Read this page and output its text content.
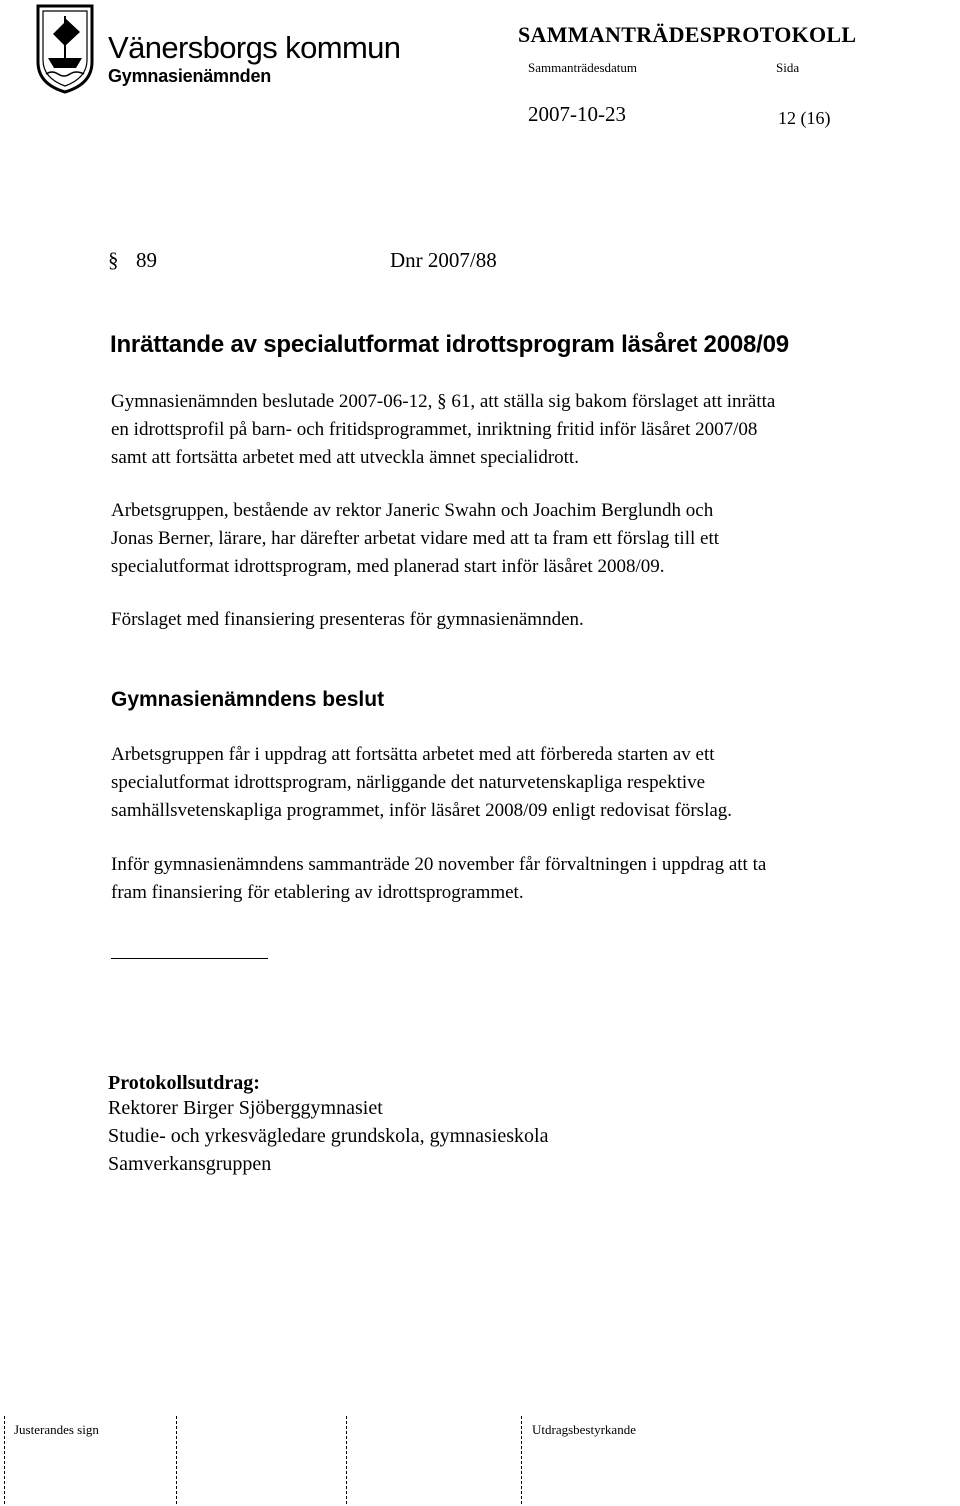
Vänersborgs kommun
Gymnasienämnden
SAMMANTRÄDESPROTOKOLL
Sammanträdesdatum	Sida
2007-10-23	12 (16)
§ 89	Dnr 2007/88
Inrättande av specialutformat idrottsprogram läsåret 2008/09
Gymnasienämnden beslutade 2007-06-12, § 61, att ställa sig bakom förslaget att inrätta
en idrottsprofil på barn- och fritidsprogrammet, inriktning fritid inför läsåret 2007/08
samt att fortsätta arbetet med att utveckla ämnet specialidrott.
Arbetsgruppen, bestående av rektor Janeric Swahn och Joachim Berglundh och
Jonas Berner, lärare, har därefter arbetat vidare med att ta fram ett förslag till ett
specialutformat idrottsprogram, med planerad start inför läsåret 2008/09.
Förslaget med finansiering presenteras för gymnasienämnden.
Gymnasienämndens beslut
Arbetsgruppen får i uppdrag att fortsätta arbetet med att förbereda starten av ett
specialutformat idrottsprogram, närliggande det naturvetenskapliga respektive
samhällsvetenskapliga programmet, inför läsåret 2008/09 enligt redovisat förslag.
Inför gymnasienämndens sammanträde 20 november får förvaltningen i uppdrag att ta
fram finansiering för etablering av idrottsprogrammet.
Protokollsutdrag:
Rektorer Birger Sjöberggymnasiet
Studie- och yrkesvägledare grundskola, gymnasieskola
Samverkansgruppen
Justerandes sign	Utdragsbestyrkande
